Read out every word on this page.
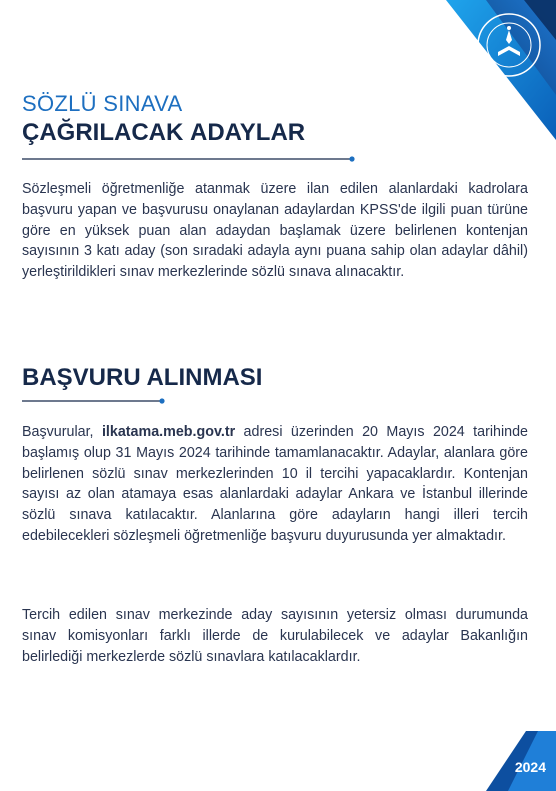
SÖZLÜ SINAVA
ÇAĞRILACAK ADAYLAR
Sözleşmeli öğretmenliğe atanmak üzere ilan edilen alanlardaki kadrolara başvuru yapan ve başvurusu onaylanan adaylardan KPSS'de ilgili puan türüne göre en yüksek puan alan adaydan başlamak üzere belirlenen kontenjan sayısının 3 katı aday (son sıradaki adayla aynı puana sahip olan adaylar dâhil) yerleştirildikleri sınav merkezlerinde sözlü sınava alınacaktır.
BAŞVURU ALINMASI
Başvurular, ilkatama.meb.gov.tr adresi üzerinden 20 Mayıs 2024 tarihinde başlamış olup 31 Mayıs 2024 tarihinde tamamlanacaktır. Adaylar, alanlara göre belirlenen sözlü sınav merkezlerinden 10 il tercihi yapacaklardır. Kontenjan sayısı az olan atamaya esas alanlardaki adaylar Ankara ve İstanbul illerinde sözlü sınava katılacaktır. Alanlarına göre adayların hangi illeri tercih edebilecekleri sözleşmeli öğretmenliğe başvuru duyurusunda yer almaktadır.
Tercih edilen sınav merkezinde aday sayısının yetersiz olması durumunda sınav komisyonları farklı illerde de kurulabilecek ve adaylar Bakanlığın belirlediği merkezlerde sözlü sınavlara katılacaklardır.
2024
